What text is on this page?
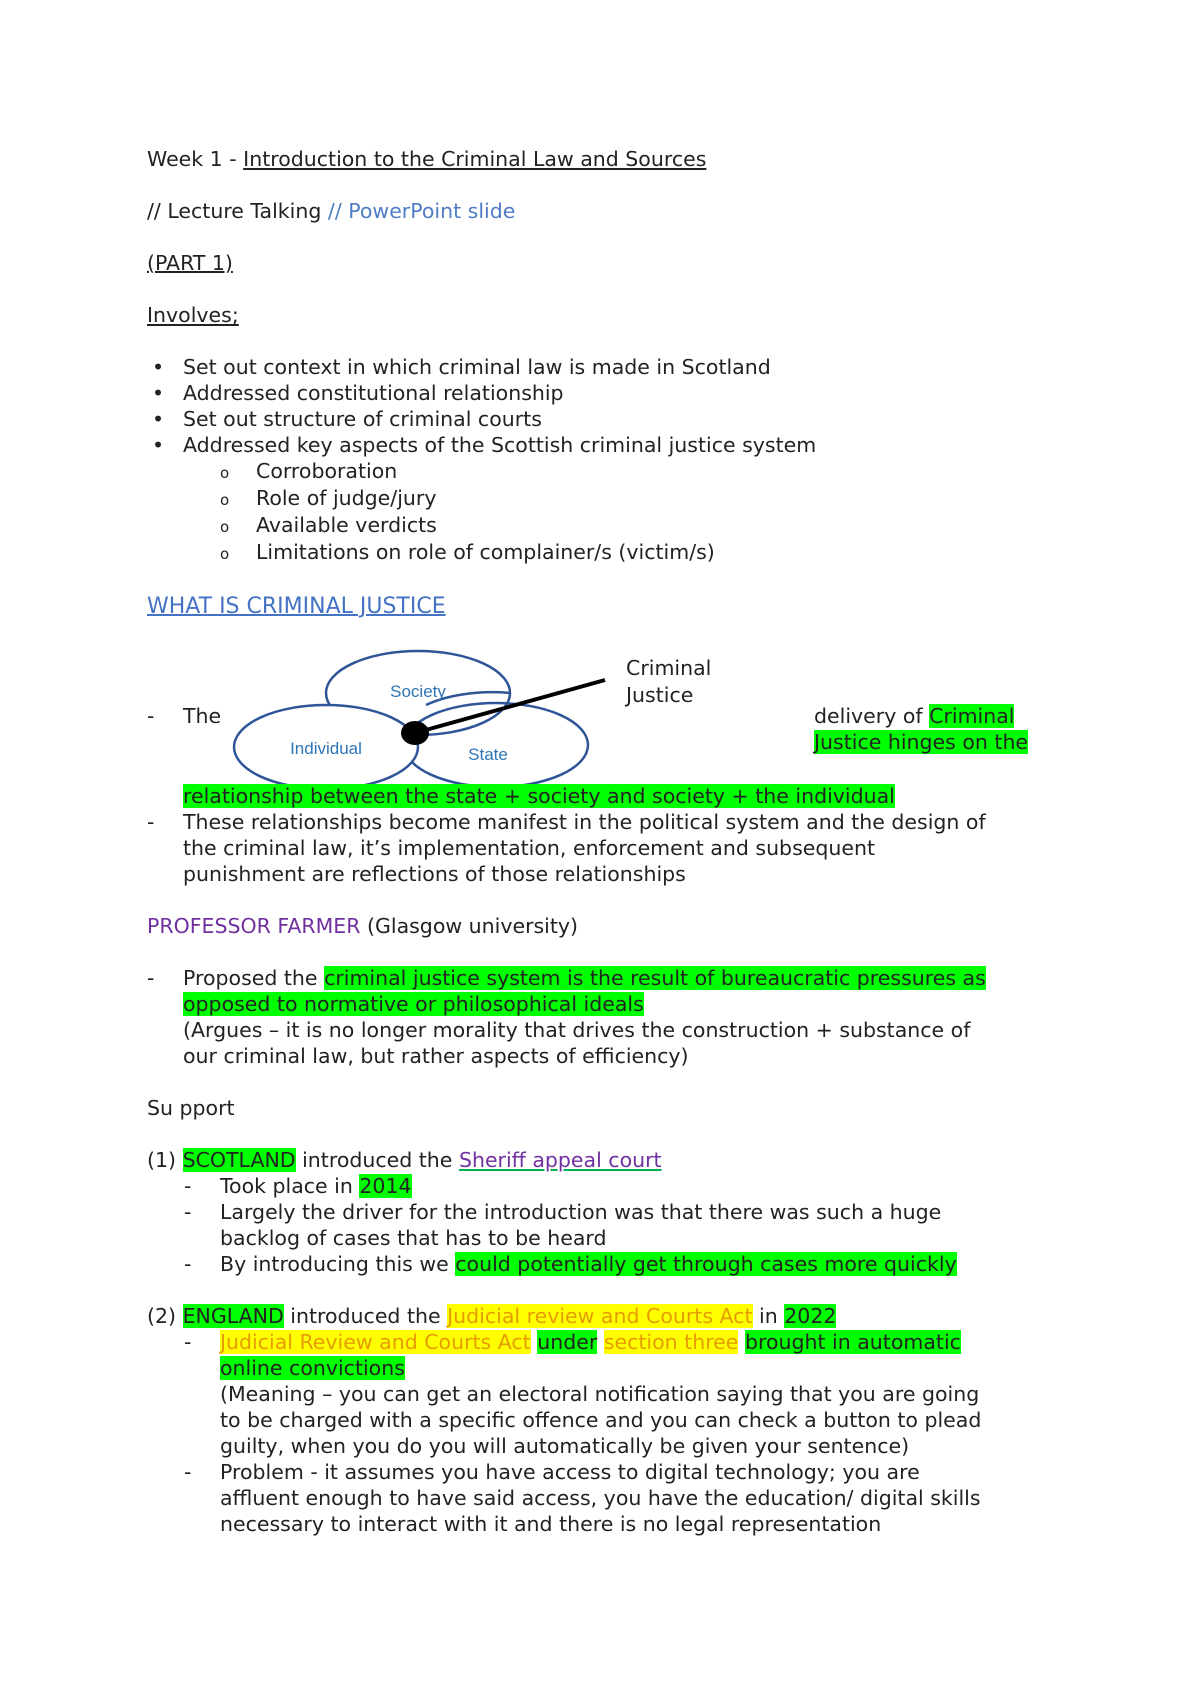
Week 1 - Introduction to the Criminal Law and Sources
// Lecture Talking // PowerPoint slide
(PART 1)
Involves;
• Set out context in which criminal law is made in Scotland
• Addressed constitutional relationship
• Set out structure of criminal courts
• Addressed key aspects of the Scottish criminal justice system
o Corroboration
o Role of judge/jury
o Available verdicts
o Limitations on role of complainer/s (victim/s)
WHAT IS CRIMINAL JUSTICE
Society
Individual	State
Criminal
Justice
- The	delivery of Criminal
Justice hinges on the
relationship between the state + society and society + the individual
- These relationships become manifest in the political system and the design of
the criminal law, it’s implementation, enforcement and subsequent
punishment are reflections of those relationships
PROFESSOR FARMER (Glasgow university)
- Proposed the criminal justice system is the result of bureaucratic pressures as
opposed to normative or philosophical ideals
(Argues – it is no longer morality that drives the construction + substance of
our criminal law, but rather aspects of efficiency)
Su pport
(1) SCOTLAND introduced the Sheriff appeal court
- Took place in 2014
- Largely the driver for the introduction was that there was such a huge
backlog of cases that has to be heard
- By introducing this we could potentially get through cases more quickly
(2) ENGLAND introduced the Judicial review and Courts Act in 2022
- Judicial Review and Courts Act under section three brought in automatic
online convictions
(Meaning – you can get an electoral notification saying that you are going
to be charged with a specific offence and you can check a button to plead
guilty, when you do you will automatically be given your sentence)
- Problem - it assumes you have access to digital technology; you are
affluent enough to have said access, you have the education/ digital skills
necessary to interact with it and there is no legal representation
